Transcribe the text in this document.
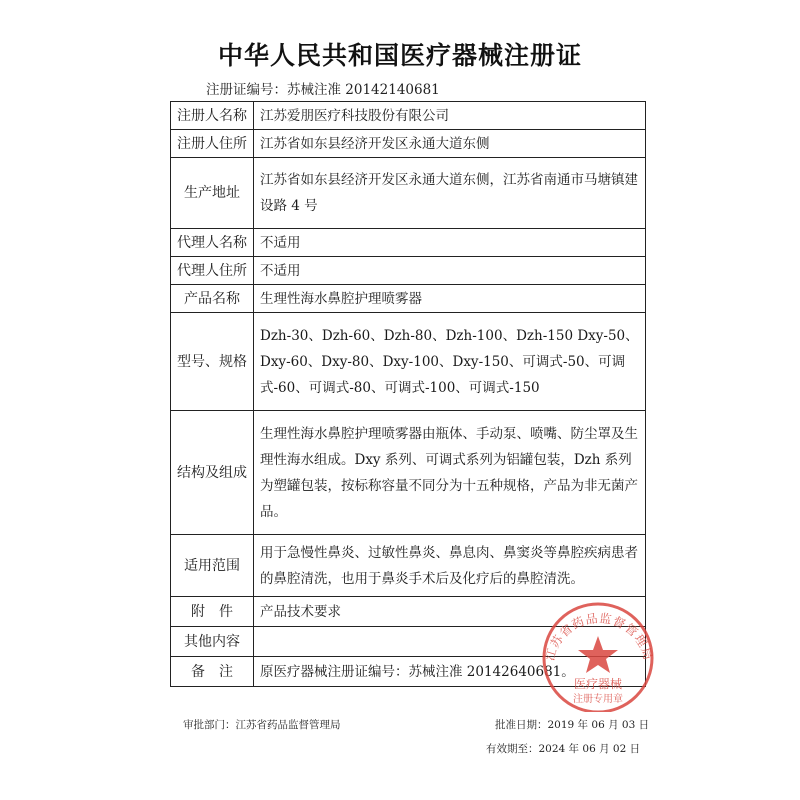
中华人民共和国医疗器械注册证
注册证编号：苏械注准 20142140681
注册人名称	江苏爱朋医疗科技股份有限公司
注册人住所	江苏省如东县经济开发区永通大道东侧
生产地址	江苏省如东县经济开发区永通大道东侧，江苏省南通市马塘镇建设路 4 号
代理人名称	不适用
代理人住所	不适用
产品名称	生理性海水鼻腔护理喷雾器
型号、规格	Dzh-30、Dzh-60、Dzh-80、Dzh-100、Dzh-150 Dxy-50、Dxy-60、Dxy-80、Dxy-100、Dxy-150、可调式-50、可调式-60、可调式-80、可调式-100、可调式-150
结构及组成	生理性海水鼻腔护理喷雾器由瓶体、手动泵、喷嘴、防尘罩及生理性海水组成。Dxy 系列、可调式系列为铝罐包装，Dzh 系列为塑罐包装，按标称容量不同分为十五种规格，产品为非无菌产品。
适用范围	用于急慢性鼻炎、过敏性鼻炎、鼻息肉、鼻窦炎等鼻腔疾病患者的鼻腔清洗，也用于鼻炎手术后及化疗后的鼻腔清洗。
附件	产品技术要求
其他内容	
备注	原医疗器械注册证编号：苏械注准 20142640681。
审批部门：江苏省药品监督管理局	批准日期：2019 年 06 月 03 日
有效期至：2024 年 06 月 02 日
江苏省药品监督管理局
医疗器械
注册专用章
